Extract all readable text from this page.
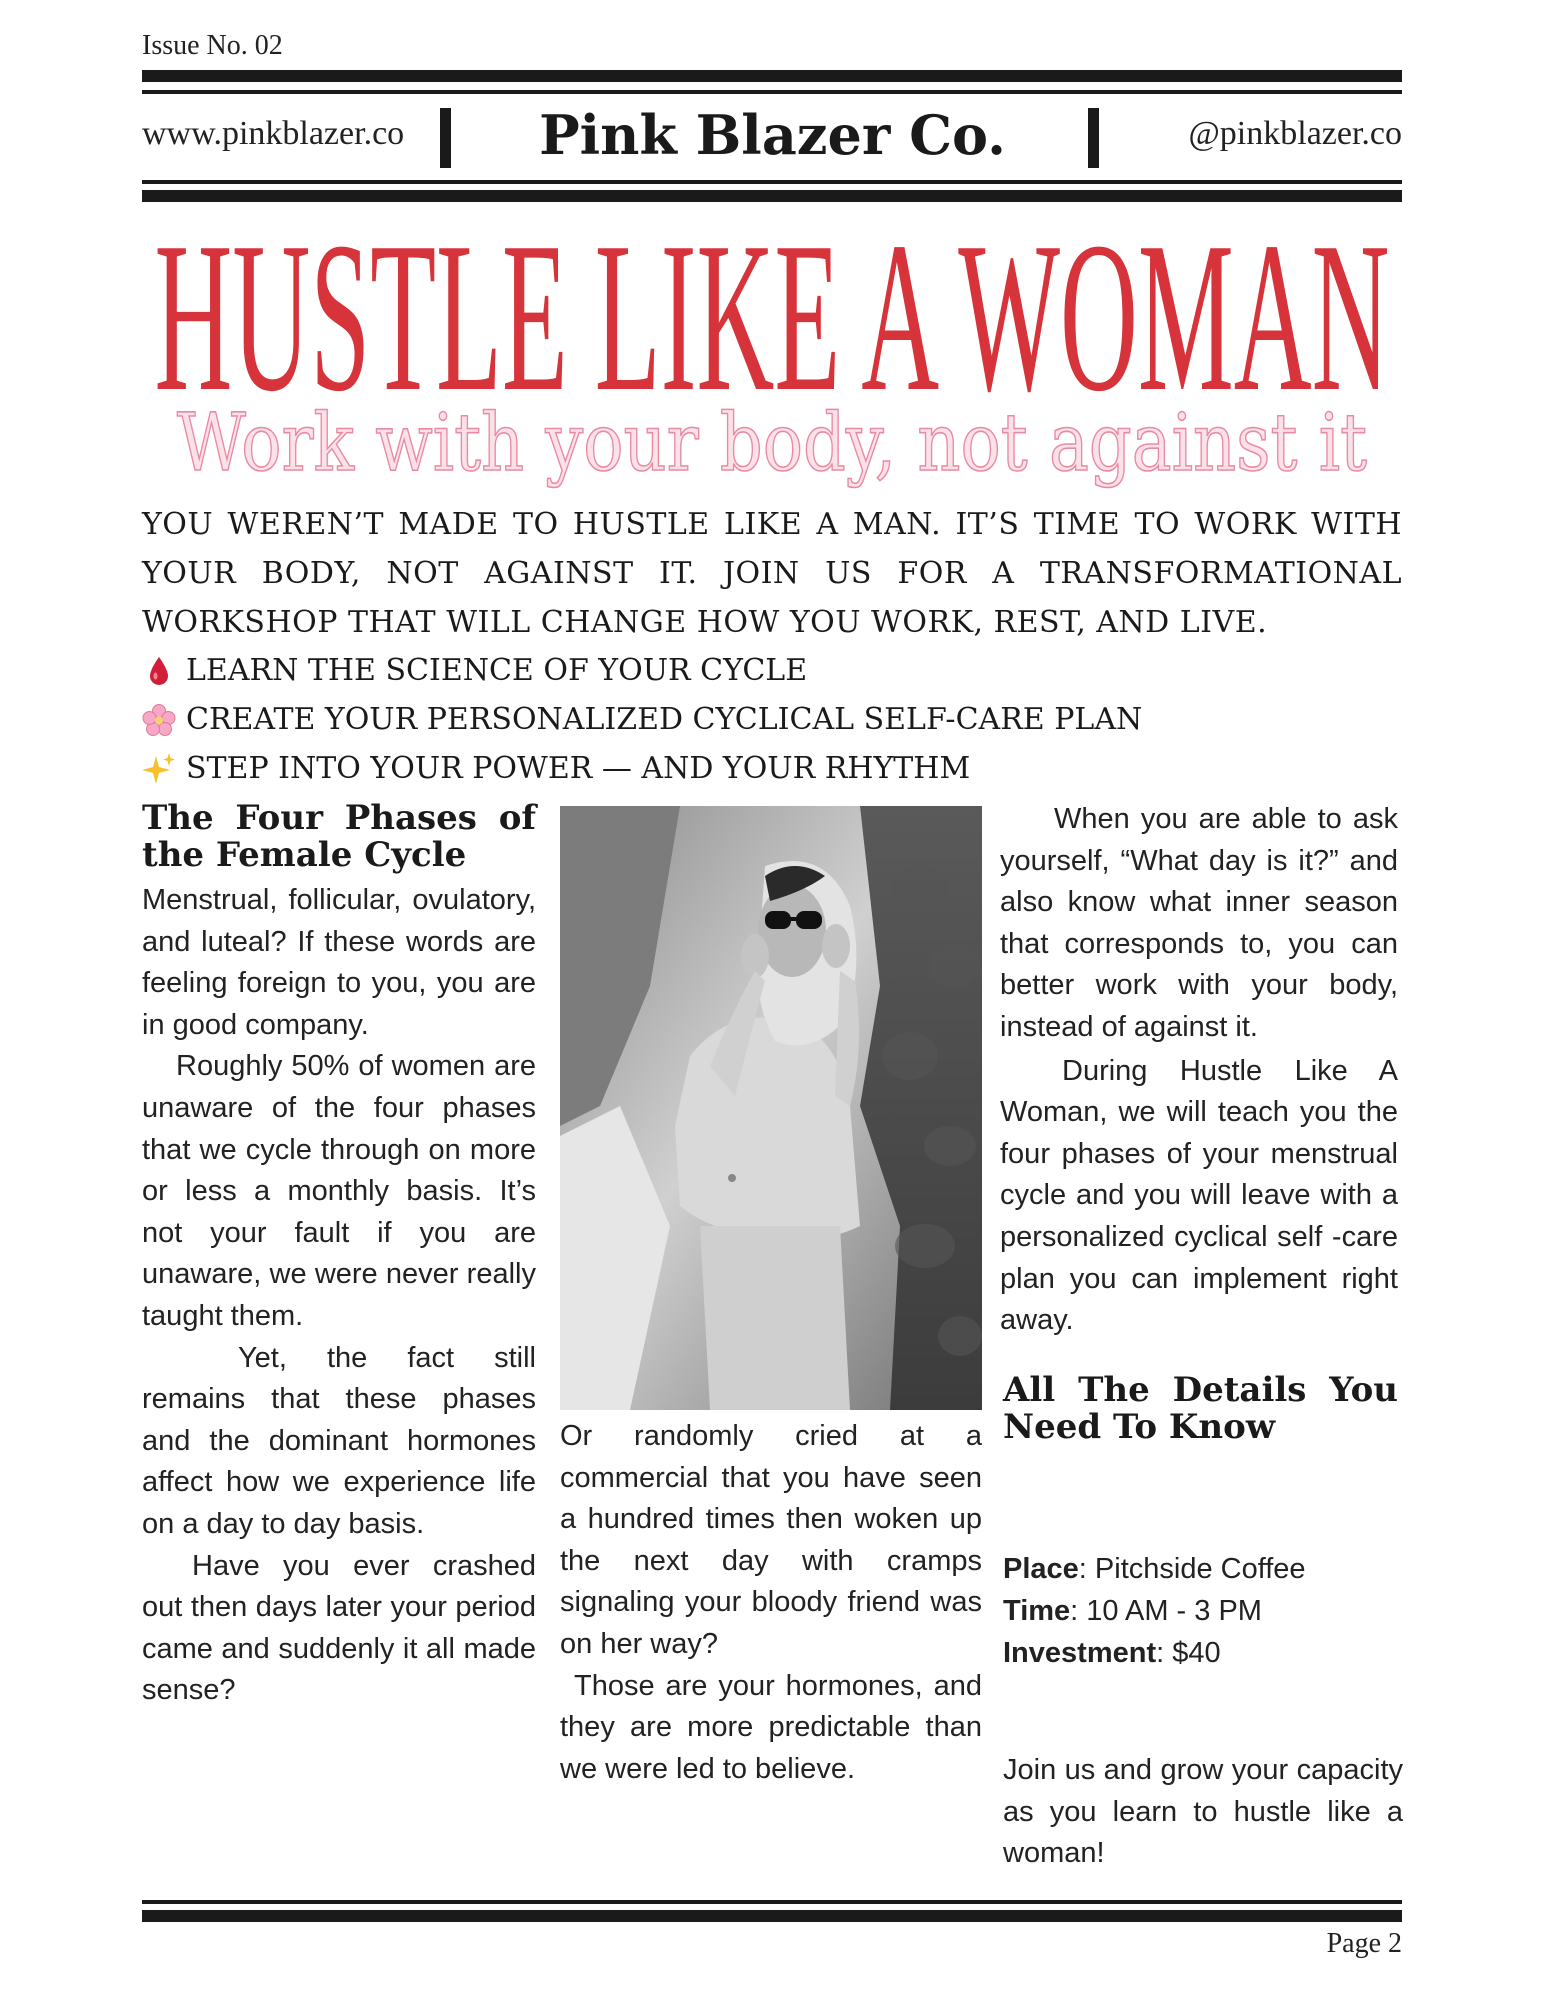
Issue No. 02
www.pinkblazer.co	Pink Blazer Co.	@pinkblazer.co
HUSTLE LIKE A WOMAN
Work with your body, not against it
YOU WEREN’T MADE TO HUSTLE LIKE A MAN. IT’S TIME TO WORK WITH YOUR BODY, NOT AGAINST IT. JOIN US FOR A TRANSFORMATIONAL WORKSHOP THAT WILL CHANGE HOW YOU WORK, REST, AND LIVE.
LEARN THE SCIENCE OF YOUR CYCLE
CREATE YOUR PERSONALIZED CYCLICAL SELF-CARE PLAN
STEP INTO YOUR POWER — AND YOUR RHYTHM
The Four Phases of the Female Cycle

Menstrual, follicular, ovulatory, and luteal? If these words are feeling foreign to you, you are in good company.

Roughly 50% of women are unaware of the four phases that we cycle through on more or less a monthly basis. It’s not your fault if you are unaware, we were never really taught them.

Yet, the fact still remains that these phases and the dominant hormones affect how we experience life on a day to day basis.

Have you ever crashed out then days later your period came and suddenly it all made sense?

Or randomly cried at a commercial that you have seen a hundred times then woken up the next day with cramps signaling your bloody friend was on her way?

Those are your hormones, and they are more predictable than we were led to believe.

When you are able to ask yourself, “What day is it?” and also know what inner season that corresponds to, you can better work with your body, instead of against it.

During Hustle Like A Woman, we will teach you the four phases of your menstrual cycle and you will leave with a personalized cyclical self -care plan you can implement right away.

All The Details You Need To Know
Place: Pitchside Coffee
Time: 10 AM - 3 PM
Investment: $40
Join us and grow your capacity as you learn to hustle like a woman!
Page 2
